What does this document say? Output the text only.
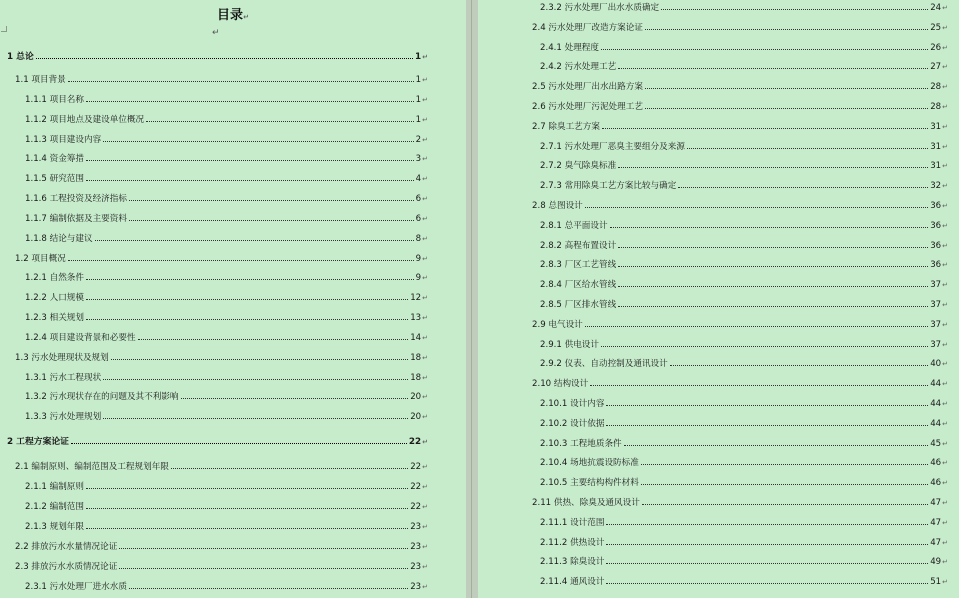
目录↵
↵
1 总论	1 ↵
1.1 项目背景	1 ↵
1.1.1 项目名称	1 ↵
1.1.2 项目地点及建设单位概况	1 ↵
1.1.3 项目建设内容	2 ↵
1.1.4 资金筹措	3 ↵
1.1.5 研究范围	4 ↵
1.1.6 工程投资及经济指标	6 ↵
1.1.7 编制依据及主要资料	6 ↵
1.1.8 结论与建议	8 ↵
1.2 项目概况	9 ↵
1.2.1 自然条件	9 ↵
1.2.2 人口规模	12 ↵
1.2.3 相关规划	13 ↵
1.2.4 项目建设背景和必要性	14 ↵
1.3 污水处理现状及规划	18 ↵
1.3.1 污水工程现状	18 ↵
1.3.2 污水现状存在的问题及其不利影响	20 ↵
1.3.3 污水处理规划	20 ↵
2 工程方案论证	22 ↵
2.1 编制原则、编制范围及工程规划年限	22 ↵
2.1.1 编制原则	22 ↵
2.1.2 编制范围	22 ↵
2.1.3 规划年限	23 ↵
2.2 排放污水水量情况论证	23 ↵
2.3 排放污水水质情况论证	23 ↵
2.3.1 污水处理厂进水水质	23 ↵
2.3.2 污水处理厂出水水质确定	24 ↵
2.4 污水处理厂改造方案论证	25 ↵
2.4.1 处理程度	26 ↵
2.4.2 污水处理工艺	27 ↵
2.5 污水处理厂出水出路方案	28 ↵
2.6 污水处理厂污泥处理工艺	28 ↵
2.7 除臭工艺方案	31 ↵
2.7.1 污水处理厂恶臭主要组分及来源	31 ↵
2.7.2 臭气除臭标准	31 ↵
2.7.3 常用除臭工艺方案比较与确定	32 ↵
2.8 总图设计	36 ↵
2.8.1 总平面设计	36 ↵
2.8.2 高程布置设计	36 ↵
2.8.3 厂区工艺管线	36 ↵
2.8.4 厂区给水管线	37 ↵
2.8.5 厂区排水管线	37 ↵
2.9 电气设计	37 ↵
2.9.1 供电设计	37 ↵
2.9.2 仪表、自动控制及通讯设计	40 ↵
2.10 结构设计	44 ↵
2.10.1 设计内容	44 ↵
2.10.2 设计依据	44 ↵
2.10.3 工程地质条件	45 ↵
2.10.4 场地抗震设防标准	46 ↵
2.10.5 主要结构构件材料	46 ↵
2.11 供热、除臭及通风设计	47 ↵
2.11.1 设计范围	47 ↵
2.11.2 供热设计	47 ↵
2.11.3 除臭设计	49 ↵
2.11.4 通风设计	51 ↵
